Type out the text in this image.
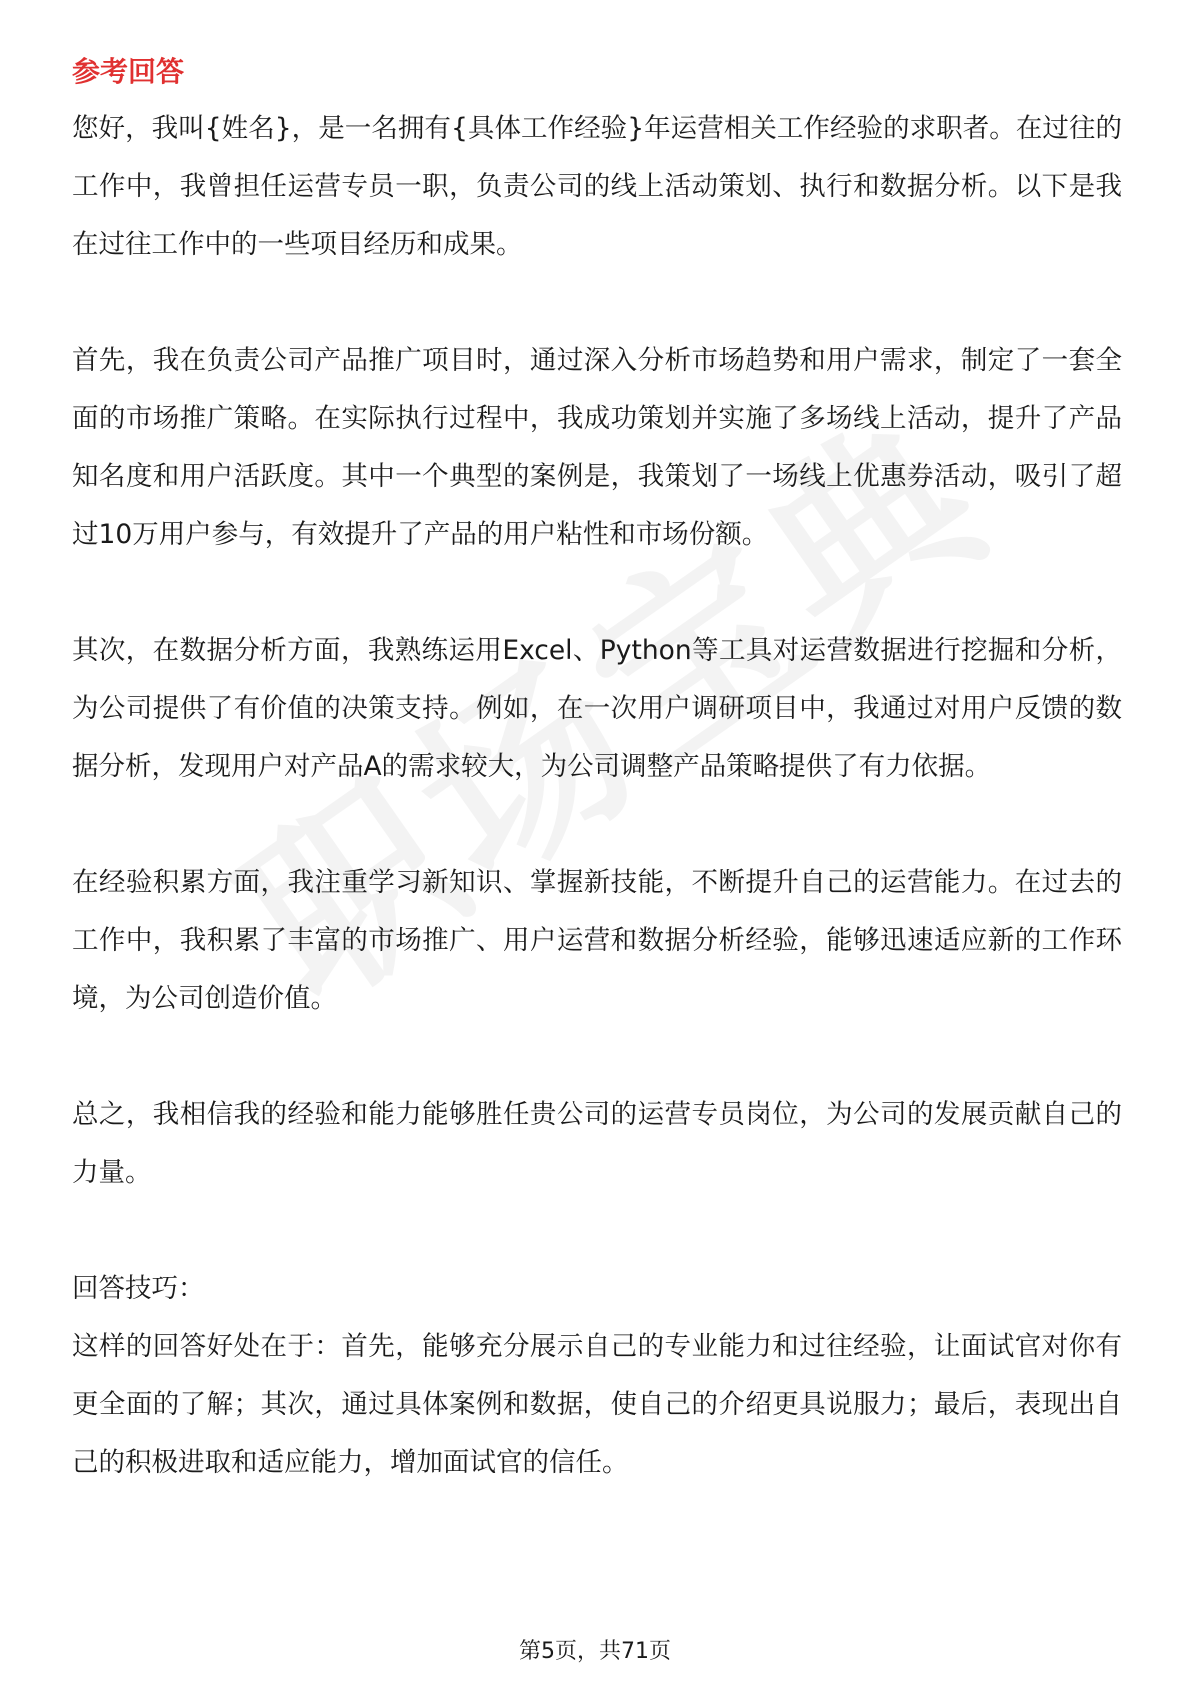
参考回答

您好，我叫{姓名}，是一名拥有{具体工作经验}年运营相关工作经验的求职者。在过往的工作中，我曾担任运营专员一职，负责公司的线上活动策划、执行和数据分析。以下是我在过往工作中的一些项目经历和成果。

首先，我在负责公司产品推广项目时，通过深入分析市场趋势和用户需求，制定了一套全面的市场推广策略。在实际执行过程中，我成功策划并实施了多场线上活动，提升了产品知名度和用户活跃度。其中一个典型的案例是，我策划了一场线上优惠券活动，吸引了超过10万用户参与，有效提升了产品的用户粘性和市场份额。

其次，在数据分析方面，我熟练运用Excel、Python等工具对运营数据进行挖掘和分析，为公司提供了有价值的决策支持。例如，在一次用户调研项目中，我通过对用户反馈的数据分析，发现用户对产品A的需求较大，为公司调整产品策略提供了有力依据。

在经验积累方面，我注重学习新知识、掌握新技能，不断提升自己的运营能力。在过去的工作中，我积累了丰富的市场推广、用户运营和数据分析经验，能够迅速适应新的工作环境，为公司创造价值。

总之，我相信我的经验和能力能够胜任贵公司的运营专员岗位，为公司的发展贡献自己的力量。

回答技巧：

这样的回答好处在于：首先，能够充分展示自己的专业能力和过往经验，让面试官对你有更全面的了解；其次，通过具体案例和数据，使自己的介绍更具说服力；最后，表现出自己的积极进取和适应能力，增加面试官的信任。

第5页，共71页
